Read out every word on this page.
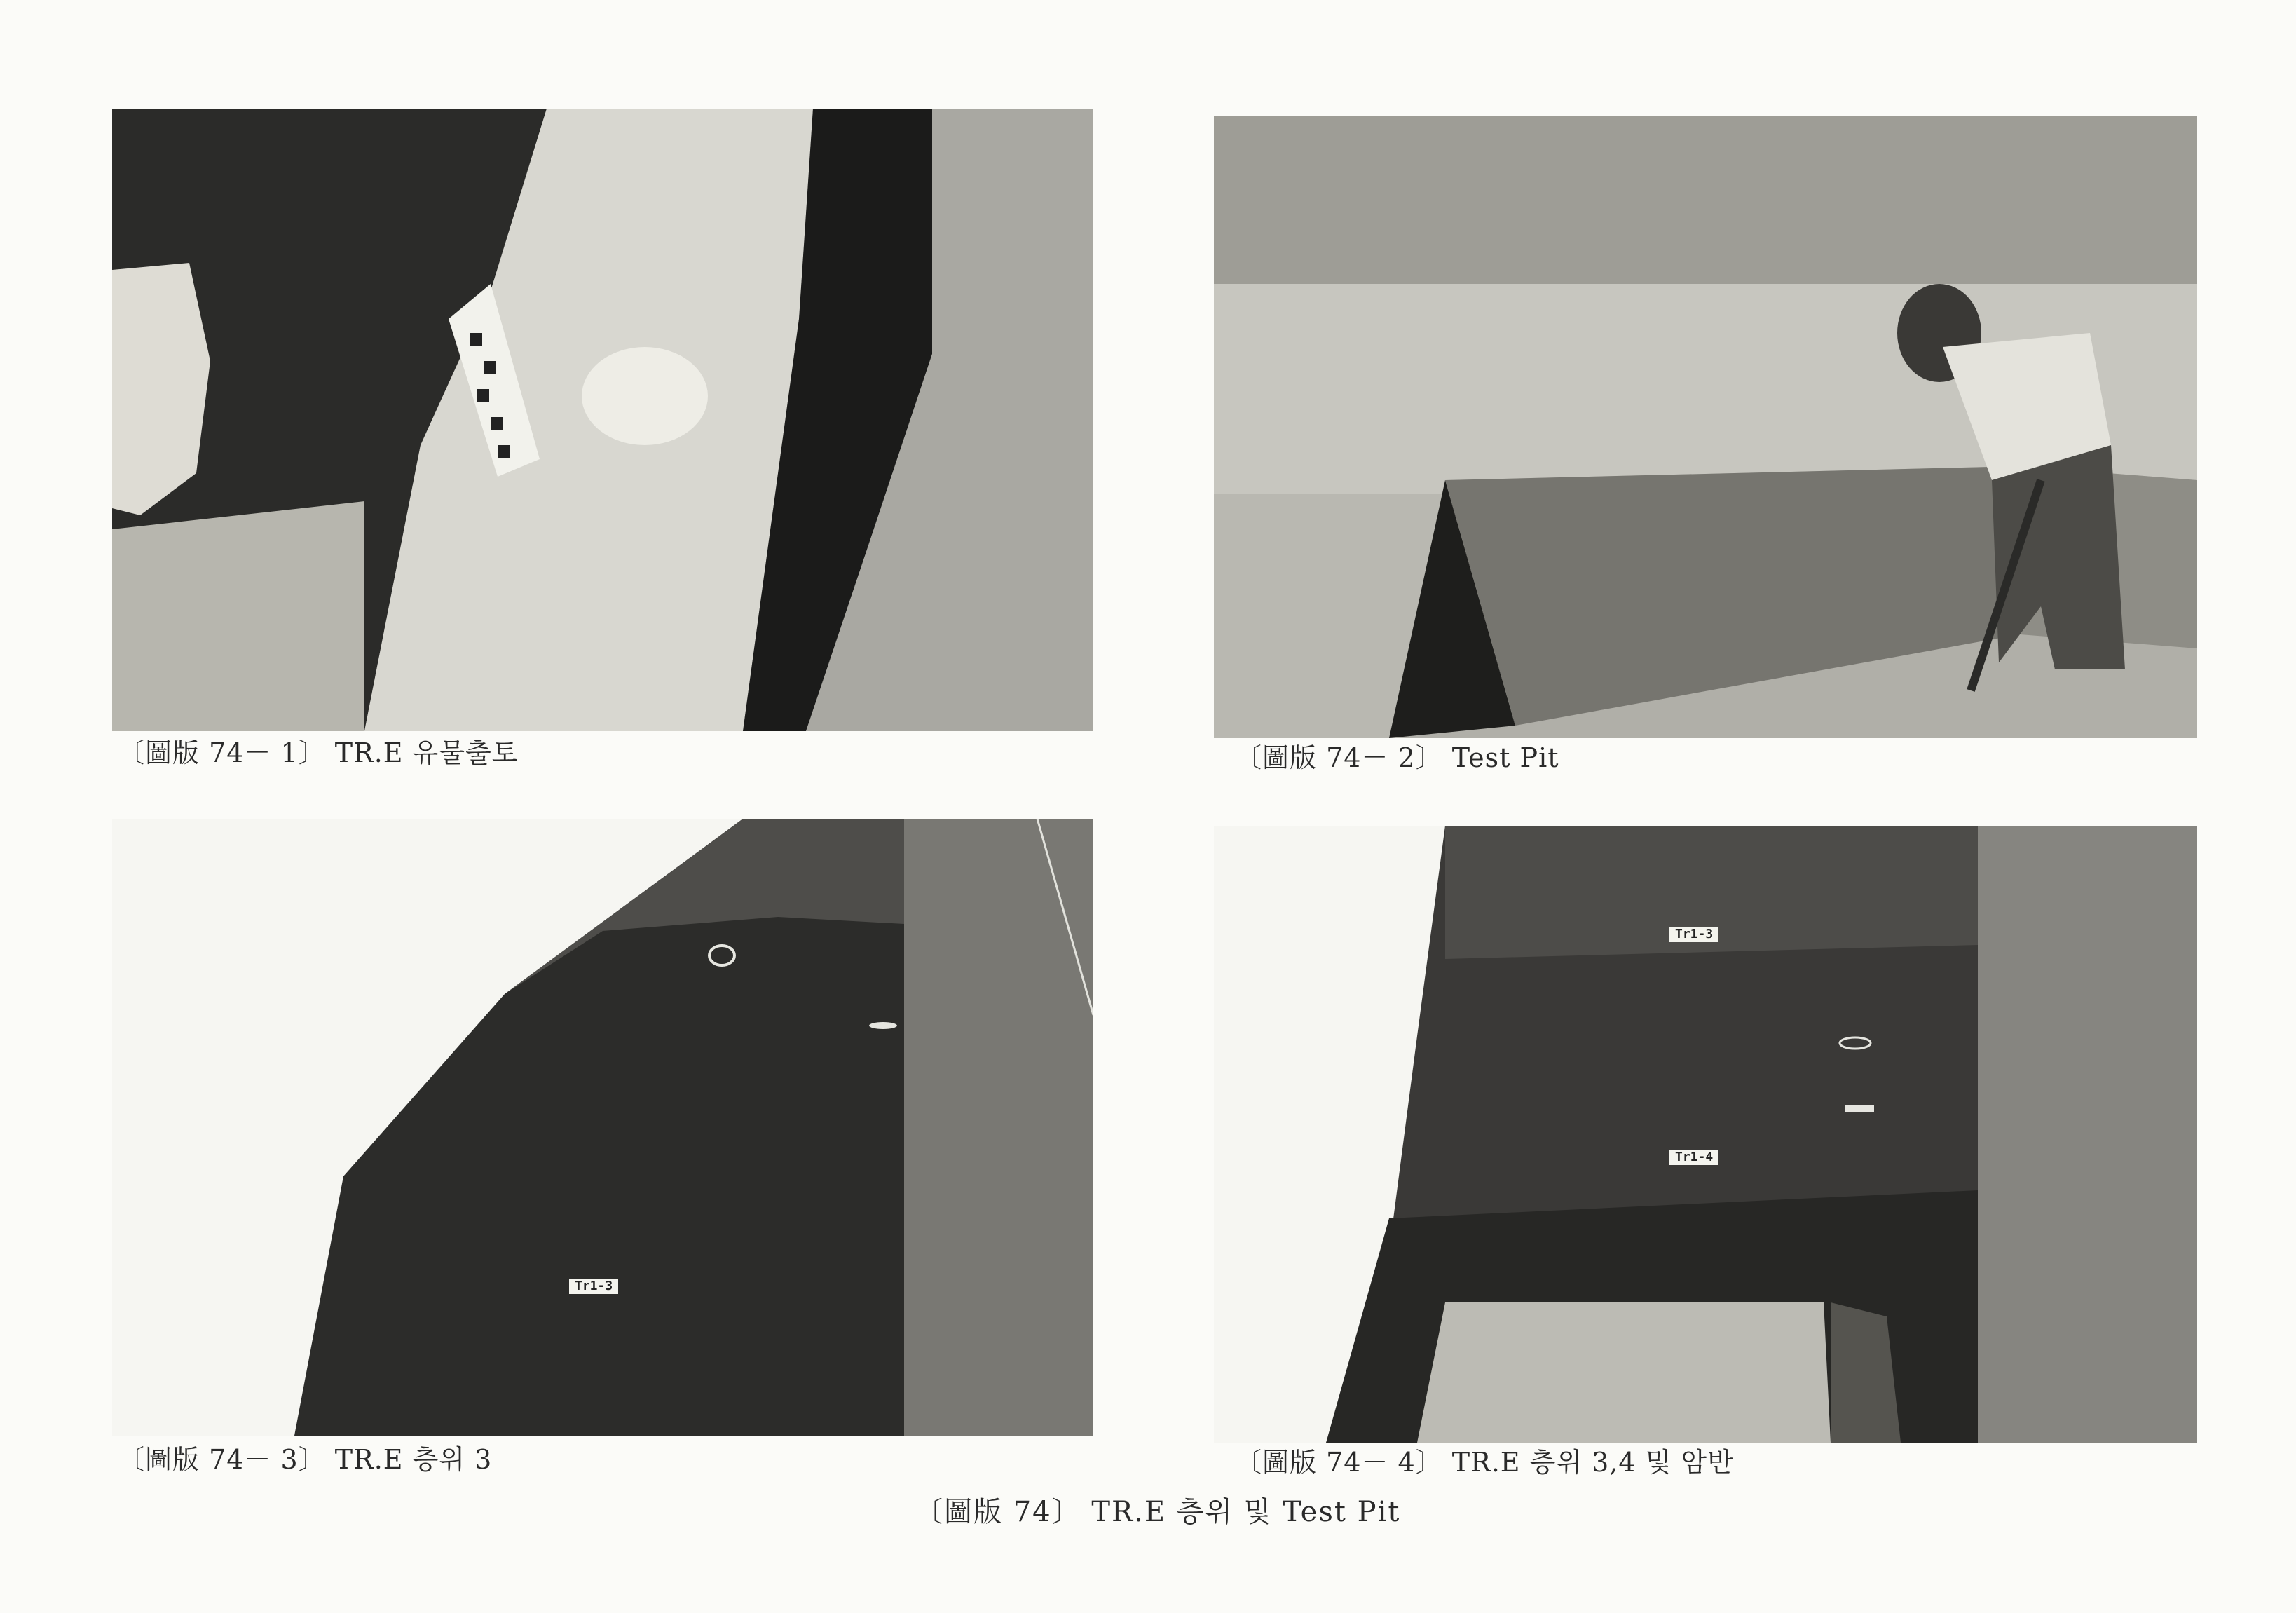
〔圖版 74－ 1〕 TR.E 유물출토	〔圖版 74－ 2〕 Test Pit
Tr1-3
〔圖版 74－ 3〕 TR.E 층위 3
Tr1-3
Tr1-4
〔圖版 74－ 4〕 TR.E 층위 3,4 및 암반
〔圖版 74〕 TR.E 층위 및 Test Pit
